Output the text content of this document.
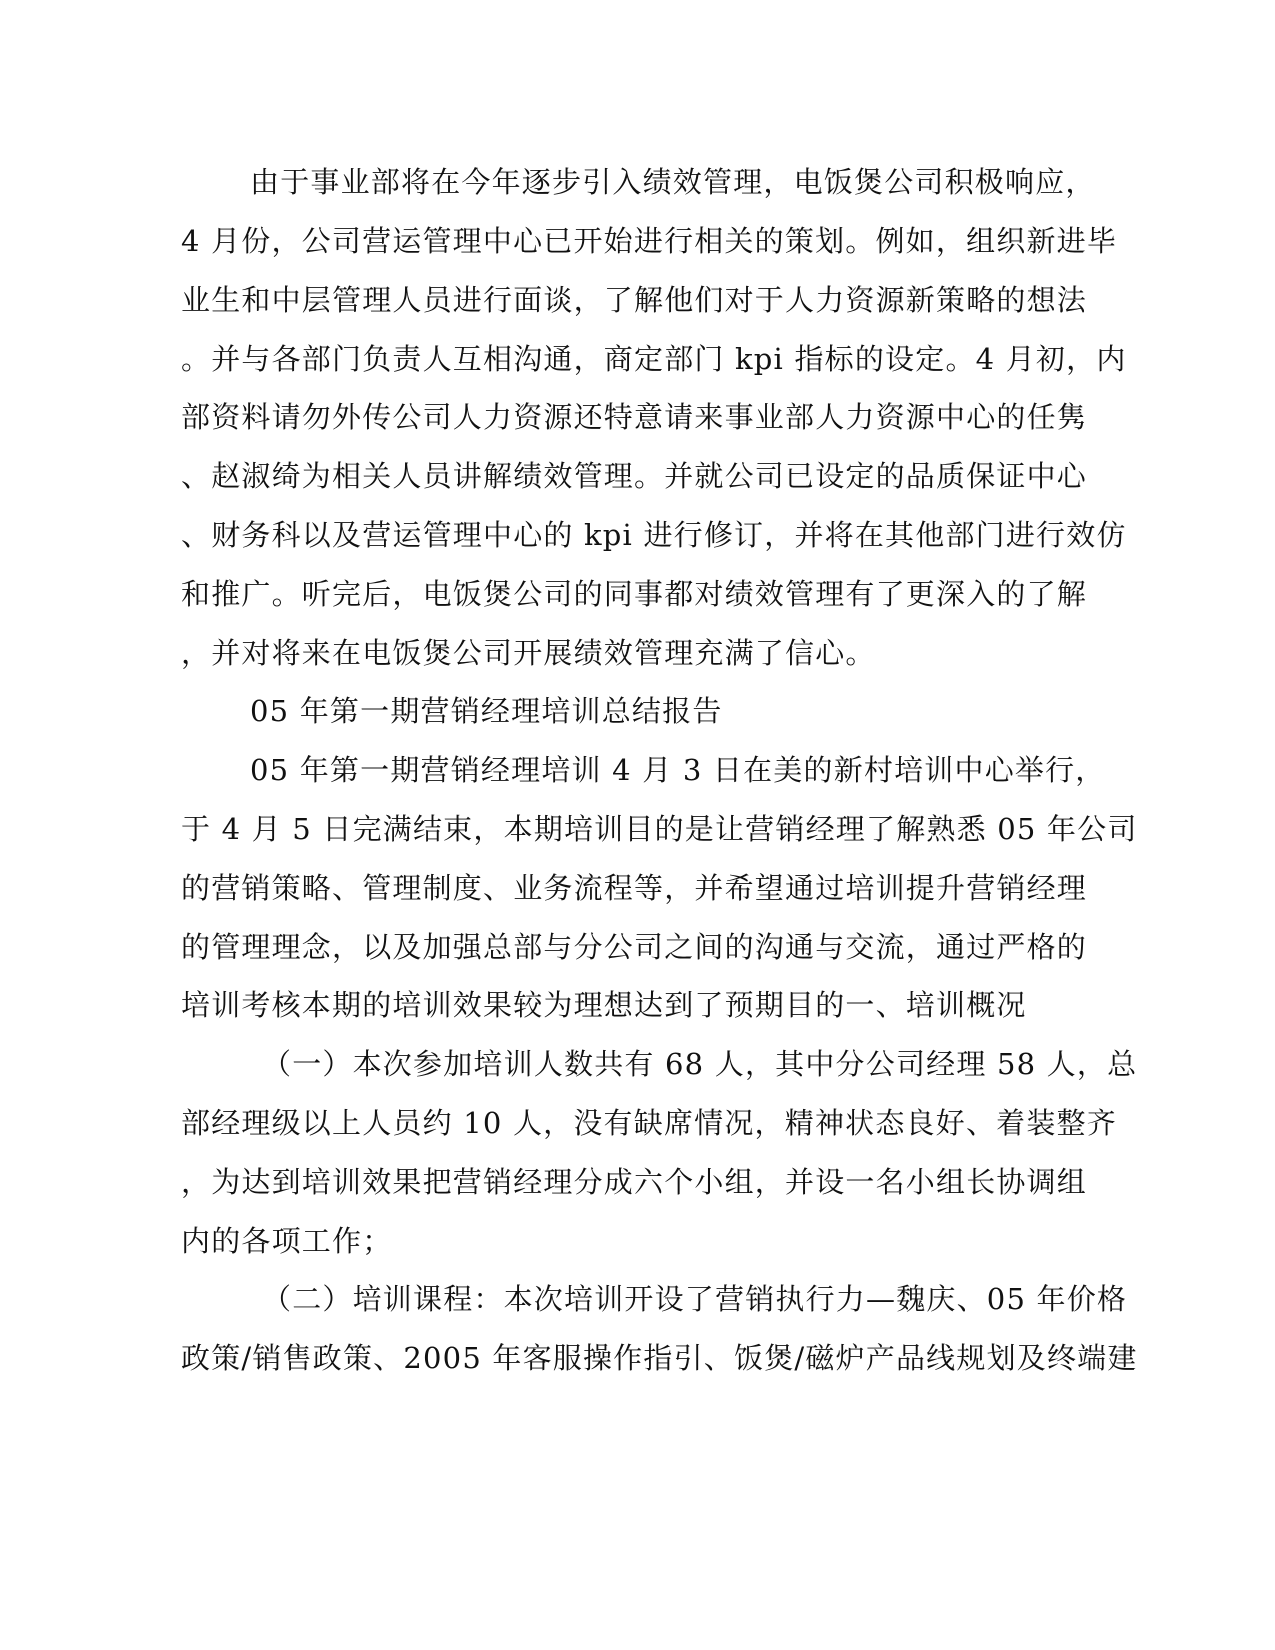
由于事业部将在今年逐步引入绩效管理，电饭煲公司积极响应，

4 月份，公司营运管理中心已开始进行相关的策划。例如，组织新进毕

业生和中层管理人员进行面谈，了解他们对于人力资源新策略的想法

。并与各部门负责人互相沟通，商定部门 kpi 指标的设定。4 月初，内

部资料请勿外传公司人力资源还特意请来事业部人力资源中心的任隽

、赵淑绮为相关人员讲解绩效管理。并就公司已设定的品质保证中心

、财务科以及营运管理中心的 kpi 进行修订，并将在其他部门进行效仿

和推广。听完后，电饭煲公司的同事都对绩效管理有了更深入的了解

，并对将来在电饭煲公司开展绩效管理充满了信心。

05 年第一期营销经理培训总结报告

05 年第一期营销经理培训 4 月 3 日在美的新村培训中心举行，

于 4 月 5 日完满结束，本期培训目的是让营销经理了解熟悉 05 年公司

的营销策略、管理制度、业务流程等，并希望通过培训提升营销经理

的管理理念，以及加强总部与分公司之间的沟通与交流，通过严格的

培训考核本期的培训效果较为理想达到了预期目的一、培训概况

（一）本次参加培训人数共有 68 人，其中分公司经理 58 人，总

部经理级以上人员约 10 人，没有缺席情况，精神状态良好、着装整齐

，为达到培训效果把营销经理分成六个小组，并设一名小组长协调组

内的各项工作；

（二）培训课程：本次培训开设了营销执行力—魏庆、05 年价格

政策/销售政策、2005 年客服操作指引、饭煲/磁炉产品线规划及终端建
